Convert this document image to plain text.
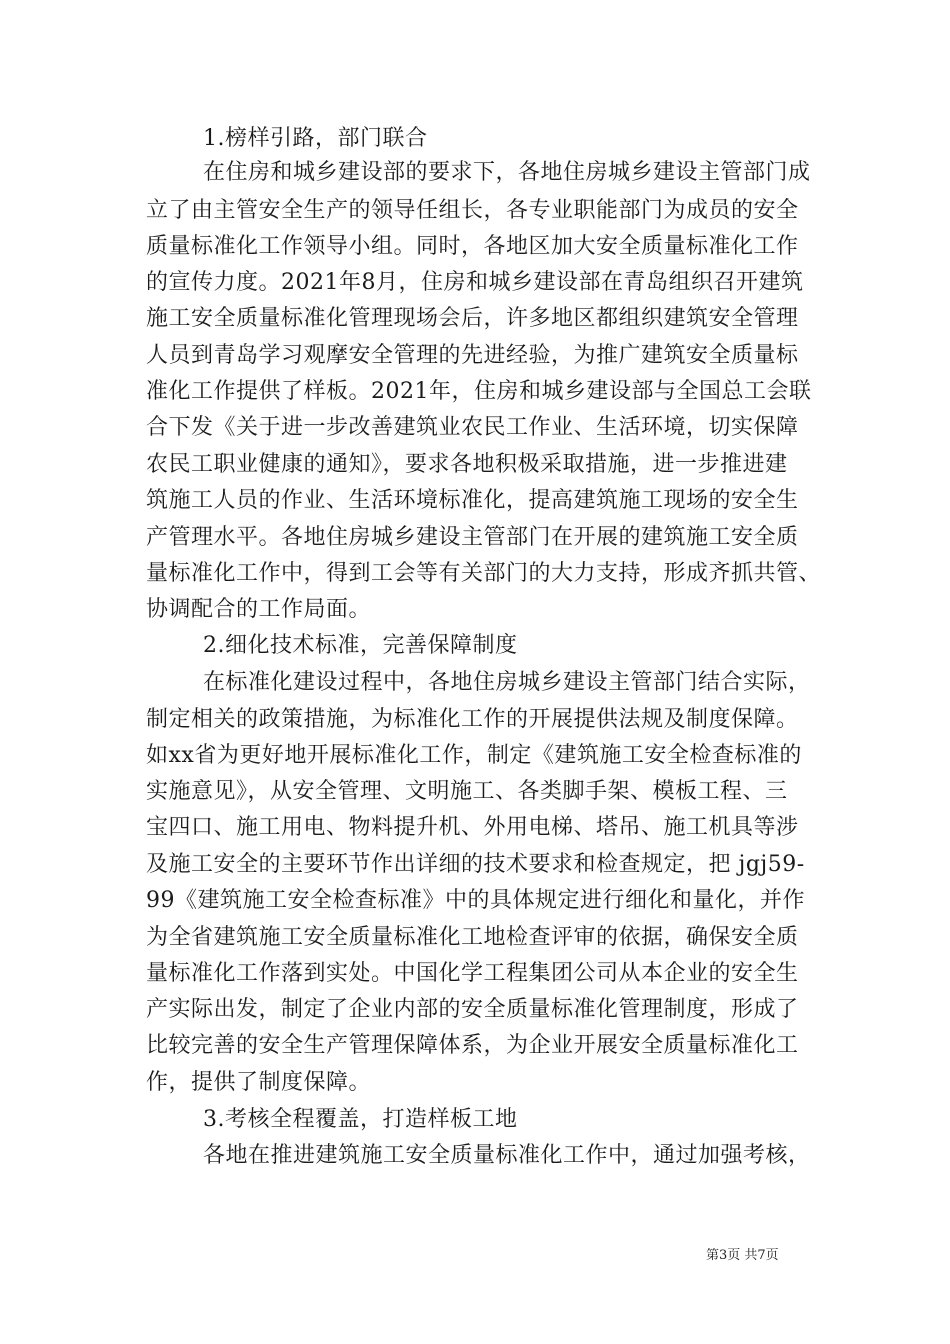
1.榜样引路，部门联合
在住房和城乡建设部的要求下，各地住房城乡建设主管部门成
立了由主管安全生产的领导任组长，各专业职能部门为成员的安全
质量标准化工作领导小组。同时，各地区加大安全质量标准化工作
的宣传力度。2021年8月，住房和城乡建设部在青岛组织召开建筑
施工安全质量标准化管理现场会后，许多地区都组织建筑安全管理
人员到青岛学习观摩安全管理的先进经验，为推广建筑安全质量标
准化工作提供了样板。2021年，住房和城乡建设部与全国总工会联
合下发《关于进一步改善建筑业农民工作业、生活环境，切实保障
农民工职业健康的通知》，要求各地积极采取措施，进一步推进建
筑施工人员的作业、生活环境标准化，提高建筑施工现场的安全生
产管理水平。各地住房城乡建设主管部门在开展的建筑施工安全质
量标准化工作中，得到工会等有关部门的大力支持，形成齐抓共管、
协调配合的工作局面。
2.细化技术标准，完善保障制度
在标准化建设过程中，各地住房城乡建设主管部门结合实际，
制定相关的政策措施，为标准化工作的开展提供法规及制度保障。
如xx省为更好地开展标准化工作，制定《建筑施工安全检查标准的
实施意见》，从安全管理、文明施工、各类脚手架、模板工程、三
宝四口、施工用电、物料提升机、外用电梯、塔吊、施工机具等涉
及施工安全的主要环节作出详细的技术要求和检查规定，把 jgj59-
99《建筑施工安全检查标准》中的具体规定进行细化和量化，并作
为全省建筑施工安全质量标准化工地检查评审的依据，确保安全质
量标准化工作落到实处。中国化学工程集团公司从本企业的安全生
产实际出发，制定了企业内部的安全质量标准化管理制度，形成了
比较完善的安全生产管理保障体系，为企业开展安全质量标准化工
作，提供了制度保障。
3.考核全程覆盖，打造样板工地
各地在推进建筑施工安全质量标准化工作中，通过加强考核，
第3页 共7页
